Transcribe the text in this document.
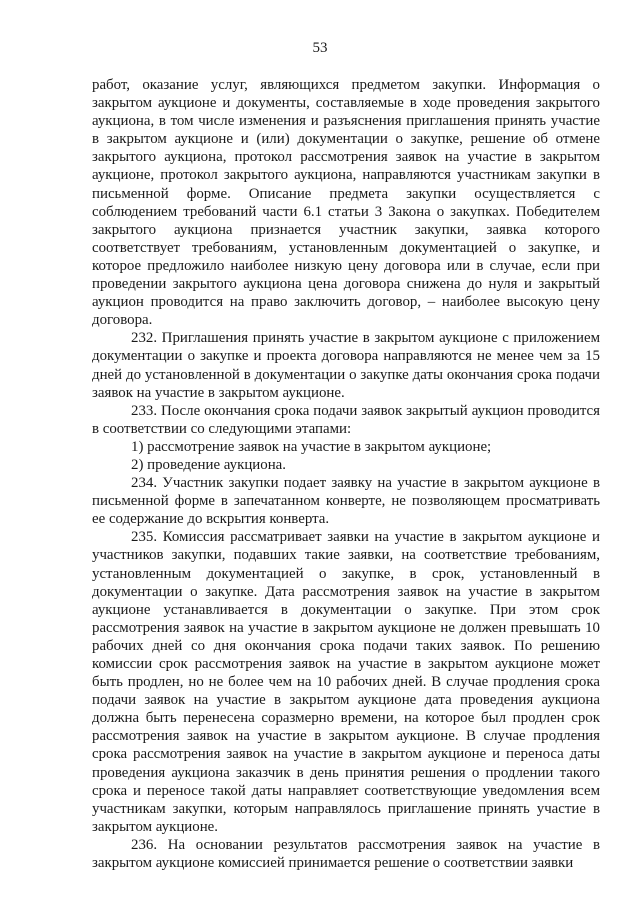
53

работ, оказание услуг, являющихся предметом закупки. Информация о закрытом аукционе и документы, составляемые в ходе проведения закрытого аукциона, в том числе изменения и разъяснения приглашения принять участие в закрытом аукционе и (или) документации о закупке, решение об отмене закрытого аукциона, протокол рассмотрения заявок на участие в закрытом аукционе, протокол закрытого аукциона, направляются участникам закупки в письменной форме. Описание предмета закупки осуществляется с соблюдением требований части 6.1 статьи 3 Закона о закупках. Победителем закрытого аукциона признается участник закупки, заявка которого соответствует требованиям, установленным документацией о закупке, и которое предложило наиболее низкую цену договора или в случае, если при проведении закрытого аукциона цена договора снижена до нуля и закрытый аукцион проводится на право заключить договор, – наиболее высокую цену договора.

232. Приглашения принять участие в закрытом аукционе с приложением документации о закупке и проекта договора направляются не менее чем за 15 дней до установленной в документации о закупке даты окончания срока подачи заявок на участие в закрытом аукционе.

233. После окончания срока подачи заявок закрытый аукцион проводится в соответствии со следующими этапами:

1) рассмотрение заявок на участие в закрытом аукционе;

2) проведение аукциона.

234. Участник закупки подает заявку на участие в закрытом аукционе в письменной форме в запечатанном конверте, не позволяющем просматривать ее содержание до вскрытия конверта.

235. Комиссия рассматривает заявки на участие в закрытом аукционе и участников закупки, подавших такие заявки, на соответствие требованиям, установленным документацией о закупке, в срок, установленный в документации о закупке. Дата рассмотрения заявок на участие в закрытом аукционе устанавливается в документации о закупке. При этом срок рассмотрения заявок на участие в закрытом аукционе не должен превышать 10 рабочих дней со дня окончания срока подачи таких заявок. По решению комиссии срок рассмотрения заявок на участие в закрытом аукционе может быть продлен, но не более чем на 10 рабочих дней. В случае продления срока подачи заявок на участие в закрытом аукционе дата проведения аукциона должна быть перенесена соразмерно времени, на которое был продлен срок рассмотрения заявок на участие в закрытом аукционе. В случае продления срока рассмотрения заявок на участие в закрытом аукционе и переноса даты проведения аукциона заказчик в день принятия решения о продлении такого срока и переносе такой даты направляет соответствующие уведомления всем участникам закупки, которым направлялось приглашение принять участие в закрытом аукционе.

236. На основании результатов рассмотрения заявок на участие в закрытом аукционе комиссией принимается решение о соответствии заявки
